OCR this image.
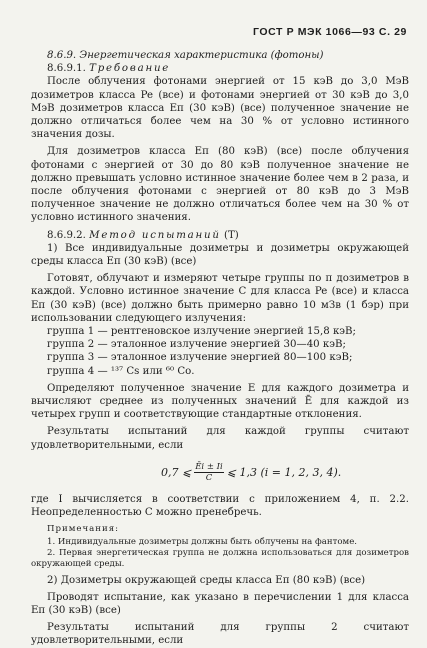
ГОСТ Р МЭК 1066—93 С. 29

8.6.9. Энергетическая характеристика (фотоны)

8.6.9.1. Требование

После облучения фотонами энергией от 15 кэВ до 3,0 МэВ дозиметров класса Pe (все) и фотонами энергией от 30 кэВ до 3,0 МэВ дозиметров класса Еп (30 кэВ) (все) полученное значение не должно отличаться более чем на 30 % от условно истинного значения дозы.

Для дозиметров класса Еп (80 кэВ) (все) после облучения фотонами с энергией от 30 до 80 кэВ полученное значение не должно превышать условно истинное значение более чем в 2 раза, и после облучения фотонами с энергией от 80 кэВ до 3 МэВ полученное значение не должно отличаться более чем на 30 % от условно истинного значения.

8.6.9.2. Метод испытаний (Т)

1) Все индивидуальные дозиметры и дозиметры окружающей среды класса Еп (30 кэВ) (все)

Готовят, облучают и измеряют четыре группы по п дозиметров в каждой. Условно истинное значение С для класса Pe (все) и класса Еп (30 кэВ) (все) должно быть примерно равно 10 мЗв (1 бэр) при использовании следующего излучения:

группа 1 — рентгеновское излучение энергией 15,8 кэВ;

группа 2 — эталонное излучение энергией 30—40 кэВ;

группа 3 — эталонное излучение энергией 80—100 кэВ;

группа 4 — ¹³⁷ Cs или ⁶⁰ Со.

Определяют полученное значение Е для каждого дозиметра и вычисляют среднее из полученных значений Ē для каждой из четырех групп и соответствующие стандартные отклонения.

Результаты испытаний для каждой группы считают удовлетворительными, если

0,7 ⩽ $\frac{Ēi \pm Ii}{C}$ ⩽ 1,3 (i = 1, 2, 3, 4).

где I вычисляется в соответствии с приложением 4, п. 2.2. Неопределенностью С можно пренебречь.

Примечания:

1. Индивидуальные дозиметры должны быть облучены на фантоме.

2. Первая энергетическая группа не должна использоваться для дозиметров окружающей среды.

2) Дозиметры окружающей среды класса Еп (80 кэВ) (все)

Проводят испытание, как указано в перечислении 1 для класса Еп (30 кэВ) (все)

Результаты испытаний для группы 2 считают удовлетворительными, если
